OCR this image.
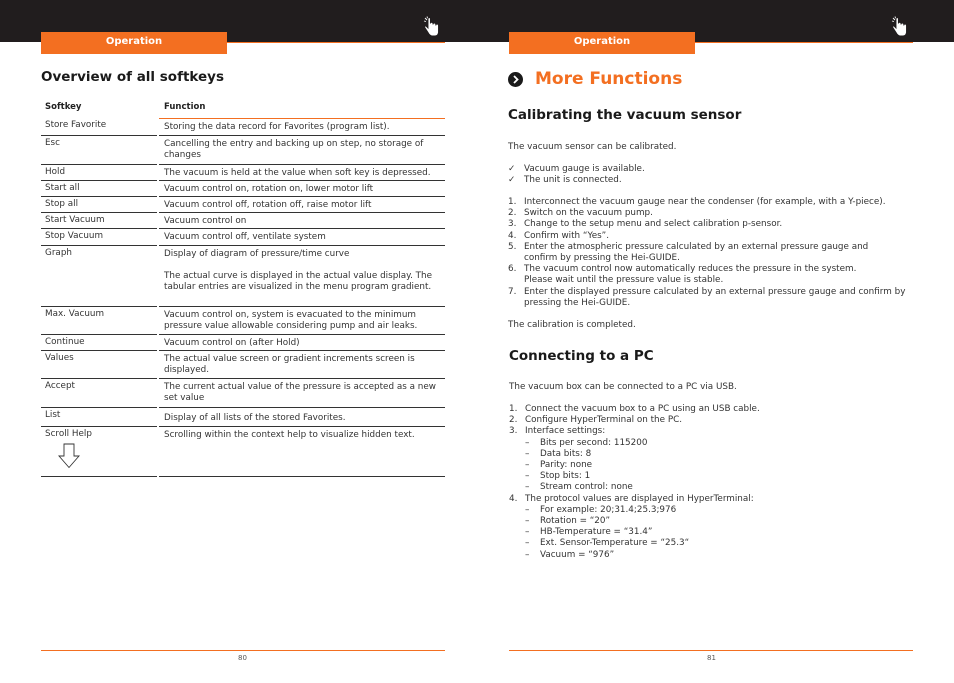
Operation	Operation
Overview of all softkeys
Softkey	Function
Store Favorite	Storing the data record for Favorites (program list).
Esc	Cancelling the entry and backing up on step, no storage of changes
Hold	The vacuum is held at the value when soft key is depressed.
Start all	Vacuum control on, rotation on, lower motor lift
Stop all	Vacuum control off, rotation off, raise motor lift
Start Vacuum	Vacuum control on
Stop Vacuum	Vacuum control off, ventilate system
Graph	Display of diagram of pressure/time curve
The actual curve is displayed in the actual value display. The tabular entries are visualized in the menu program gradient.
Max. Vacuum	Vacuum control on, system is evacuated to the minimum pressure value allowable considering pump and air leaks.
Continue	Vacuum control on (after Hold)
Values	The actual value screen or gradient increments screen is displayed.
Accept	The current actual value of the pressure is accepted as a new set value
List	Display of all lists of the stored Favorites.
Scroll Help	Scrolling within the context help to visualize hidden text.
80
More Functions
Calibrating the vacuum sensor
The vacuum sensor can be calibrated.
✓ Vacuum gauge is available.
✓ The unit is connected.
1. Interconnect the vacuum gauge near the condenser (for example, with a Y-piece).
2. Switch on the vacuum pump.
3. Change to the setup menu and select calibration p-sensor.
4. Confirm with “Yes”.
5. Enter the atmospheric pressure calculated by an external pressure gauge and confirm by pressing the Hei-GUIDE.
6. The vacuum control now automatically reduces the pressure in the system. Please wait until the pressure value is stable.
7. Enter the displayed pressure calculated by an external pressure gauge and confirm by pressing the Hei-GUIDE.
The calibration is completed.
Connecting to a PC
The vacuum box can be connected to a PC via USB.
1. Connect the vacuum box to a PC using an USB cable.
2. Configure HyperTerminal on the PC.
3. Interface settings:
– Bits per second: 115200
– Data bits: 8
– Parity: none
– Stop bits: 1
– Stream control: none
4. The protocol values are displayed in HyperTerminal:
– For example: 20;31.4;25.3;976
– Rotation = “20”
– HB-Temperature = “31.4”
– Ext. Sensor-Temperature = “25.3“
– Vacuum = “976”
81
